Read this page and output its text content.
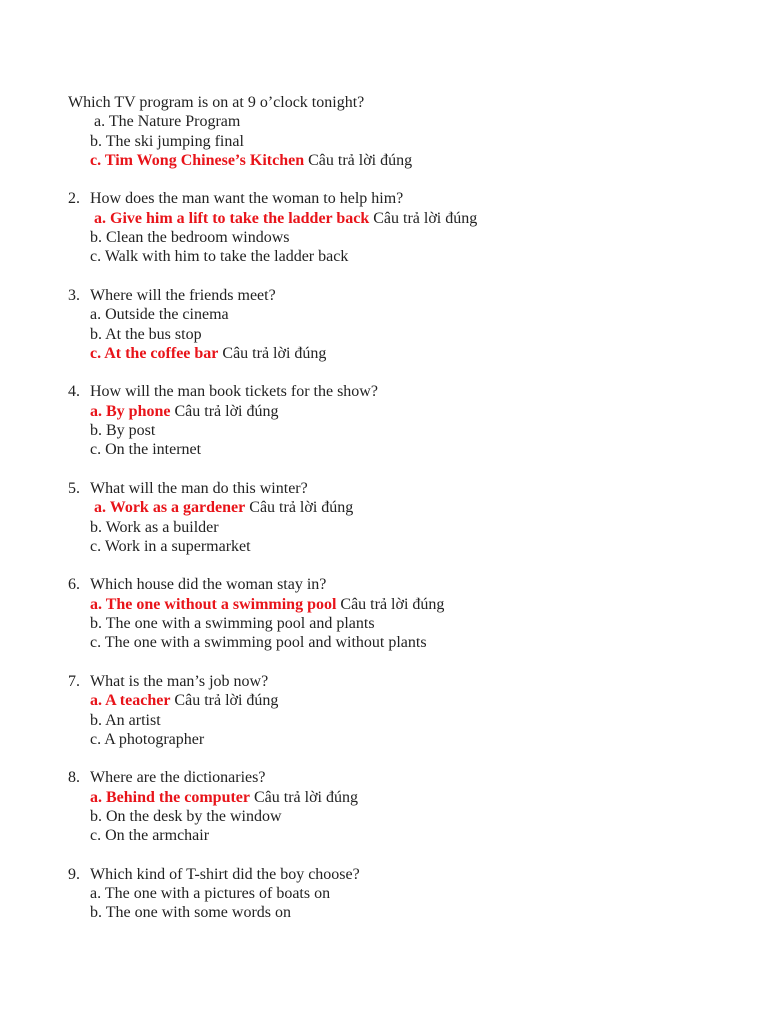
Which TV program is on at 9 o’clock tonight?
a. The Nature Program
b. The ski jumping final
c. Tim Wong Chinese’s Kitchen Câu trả lời đúng
2. How does the man want the woman to help him?
a. Give him a lift to take the ladder back Câu trả lời đúng
b. Clean the bedroom windows
c. Walk with him to take the ladder back
3. Where will the friends meet?
a. Outside the cinema
b. At the bus stop
c. At the coffee bar Câu trả lời đúng
4. How will the man book tickets for the show?
a. By phone Câu trả lời đúng
b. By post
c. On the internet
5. What will the man do this winter?
a. Work as a gardener Câu trả lời đúng
b. Work as a builder
c. Work in a supermarket
6. Which house did the woman stay in?
a. The one without a swimming pool Câu trả lời đúng
b. The one with a swimming pool and plants
c. The one with a swimming pool and without plants
7. What is the man’s job now?
a. A teacher Câu trả lời đúng
b. An artist
c. A photographer
8. Where are the dictionaries?
a. Behind the computer Câu trả lời đúng
b. On the desk by the window
c. On the armchair
9. Which kind of T-shirt did the boy choose?
a. The one with a pictures of boats on
b. The one with some words on
